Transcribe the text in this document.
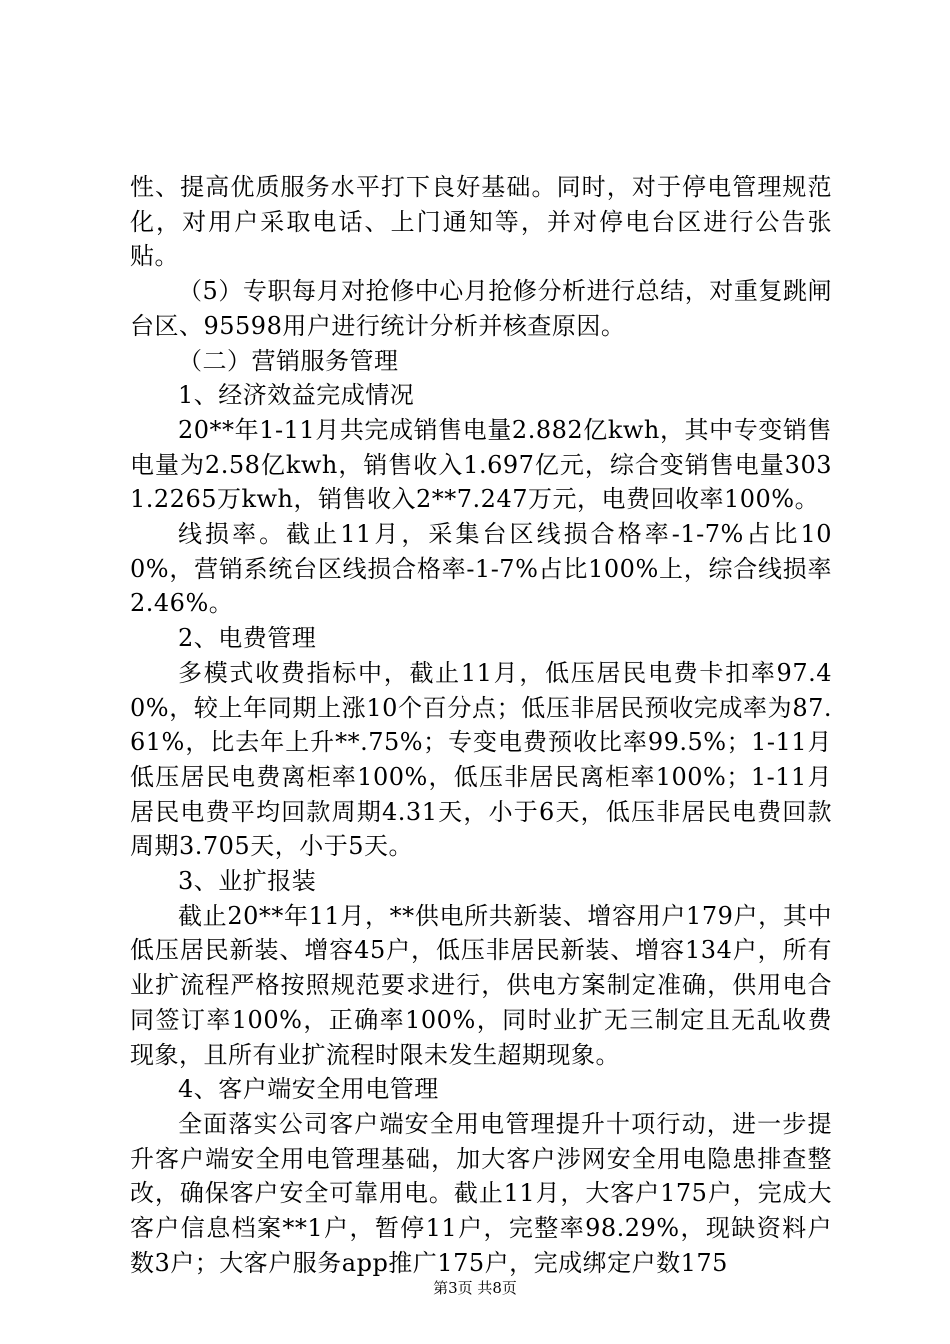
性、提高优质服务水平打下良好基础。同时，对于停电管理规范化，对用户采取电话、上门通知等，并对停电台区进行公告张贴。

（5）专职每月对抢修中心月抢修分析进行总结，对重复跳闸台区、95598用户进行统计分析并核查原因。

（二）营销服务管理

1、经济效益完成情况

20**年1-11月共完成销售电量2.882亿kwh，其中专变销售电量为2.58亿kwh，销售收入1.697亿元，综合变销售电量3031.2265万kwh，销售收入2**7.247万元，电费回收率100%。

线损率。截止11月，采集台区线损合格率-1-7%占比100%，营销系统台区线损合格率-1-7%占比100%上，综合线损率2.46%。

2、电费管理

多模式收费指标中，截止11月，低压居民电费卡扣率97.40%，较上年同期上涨10个百分点；低压非居民预收完成率为87.61%，比去年上升**.75%；专变电费预收比率99.5%；1-11月低压居民电费离柜率100%，低压非居民离柜率100%；1-11月居民电费平均回款周期4.31天，小于6天，低压非居民电费回款周期3.705天，小于5天。

3、业扩报装

截止20**年11月，**供电所共新装、增容用户179户，其中低压居民新装、增容45户，低压非居民新装、增容134户，所有业扩流程严格按照规范要求进行，供电方案制定准确，供用电合同签订率100%，正确率100%，同时业扩无三制定且无乱收费现象，且所有业扩流程时限未发生超期现象。

4、客户端安全用电管理

全面落实公司客户端安全用电管理提升十项行动，进一步提升客户端安全用电管理基础，加大客户涉网安全用电隐患排查整改，确保客户安全可靠用电。截止11月，大客户175户，完成大客户信息档案**1户，暂停11户，完整率98.29%，现缺资料户数3户；大客户服务app推广175户，完成绑定户数175

第3页 共8页
